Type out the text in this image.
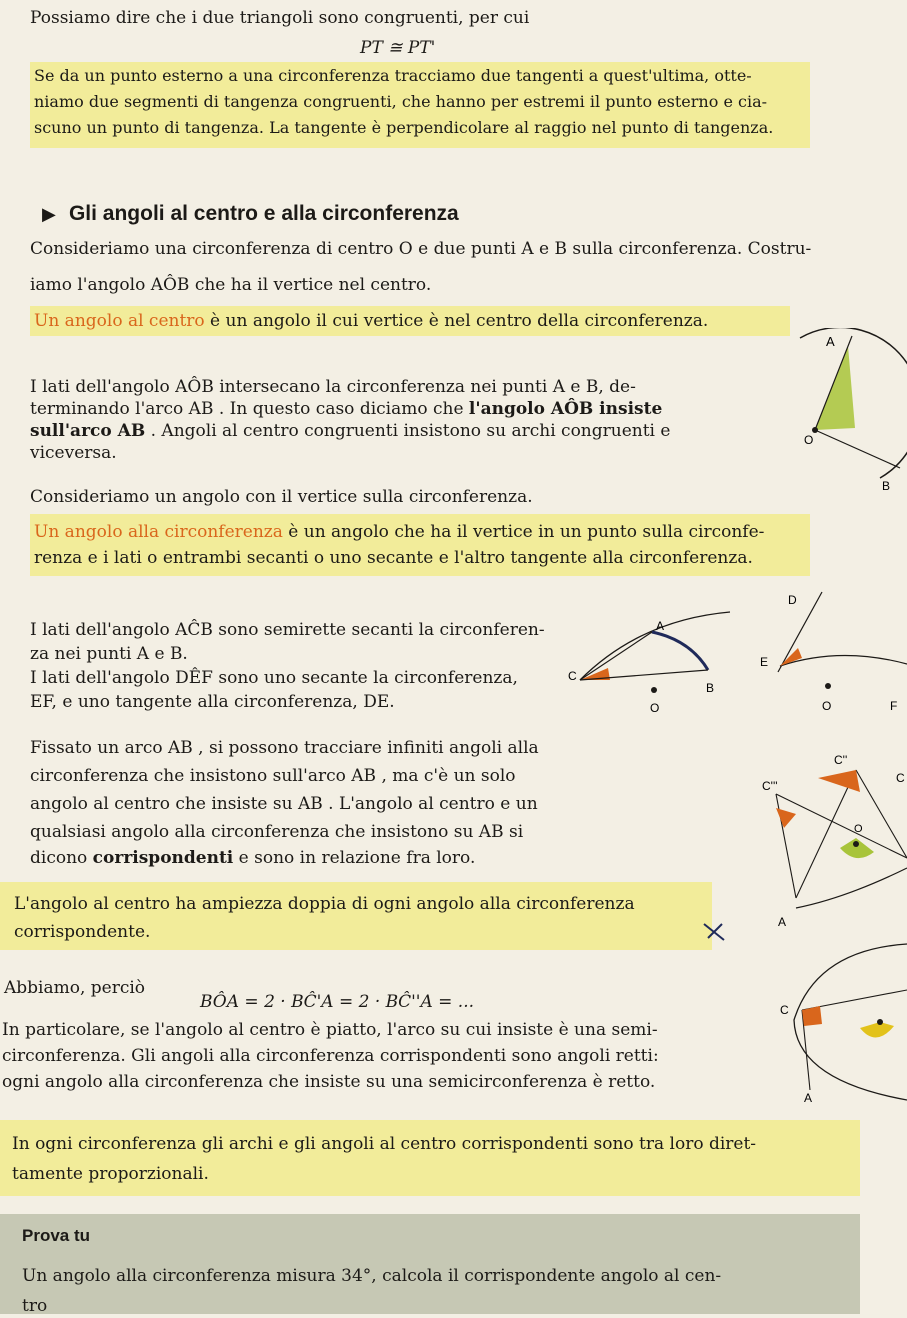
Possiamo dire che i due triangoli sono congruenti, per cui
PT ≅ PT'
Se da un punto esterno a una circonferenza tracciamo due tangenti a quest'ultima, otte-
niamo due segmenti di tangenza congruenti, che hanno per estremi il punto esterno e cia-
scuno un punto di tangenza. La tangente è perpendicolare al raggio nel punto di tangenza.
▶ Gli angoli al centro e alla circonferenza
Consideriamo una circonferenza di centro O e due punti A e B sulla circonferenza. Costru-
iamo l'angolo AÔB che ha il vertice nel centro.
Un angolo al centro è un angolo il cui vertice è nel centro della circonferenza.
I lati dell'angolo AÔB intersecano la circonferenza nei punti A e B, de-
terminando l'arco AB . In questo caso diciamo che l'angolo AÔB insiste
sull'arco AB . Angoli al centro congruenti insistono su archi congruenti e
viceversa.
Consideriamo un angolo con il vertice sulla circonferenza.
Un angolo alla circonferenza è un angolo che ha il vertice in un punto sulla circonfe-
renza e i lati o entrambi secanti o uno secante e l'altro tangente alla circonferenza.
I lati dell'angolo AĈB sono semirette secanti la circonferen-
za nei punti A e B.
I lati dell'angolo DÊF sono uno secante la circonferenza,
EF, e uno tangente alla circonferenza, DE.
Fissato un arco AB , si possono tracciare infiniti angoli alla
circonferenza che insistono sull'arco AB , ma c'è un solo
angolo al centro che insiste su AB . L'angolo al centro e un
qualsiasi angolo alla circonferenza che insistono su AB si
dicono corrispondenti e sono in relazione fra loro.
L'angolo al centro ha ampiezza doppia di ogni angolo alla circonferenza
corrispondente.
Abbiamo, perciò
BÔA = 2 · BĈ'A = 2 · BĈ''A = ...
In particolare, se l'angolo al centro è piatto, l'arco su cui insiste è una semi-
circonferenza. Gli angoli alla circonferenza corrispondenti sono angoli retti:
ogni angolo alla circonferenza che insiste su una semicirconferenza è retto.
In ogni circonferenza gli archi e gli angoli al centro corrispondenti sono tra loro diret-
tamente proporzionali.
Prova tu
Un angolo alla circonferenza misura 34°, calcola il corrispondente angolo al cen-
tro
A
O
B
A
C
B
O
D
E
O	F
C''
C'''
C
O
A
C
A
